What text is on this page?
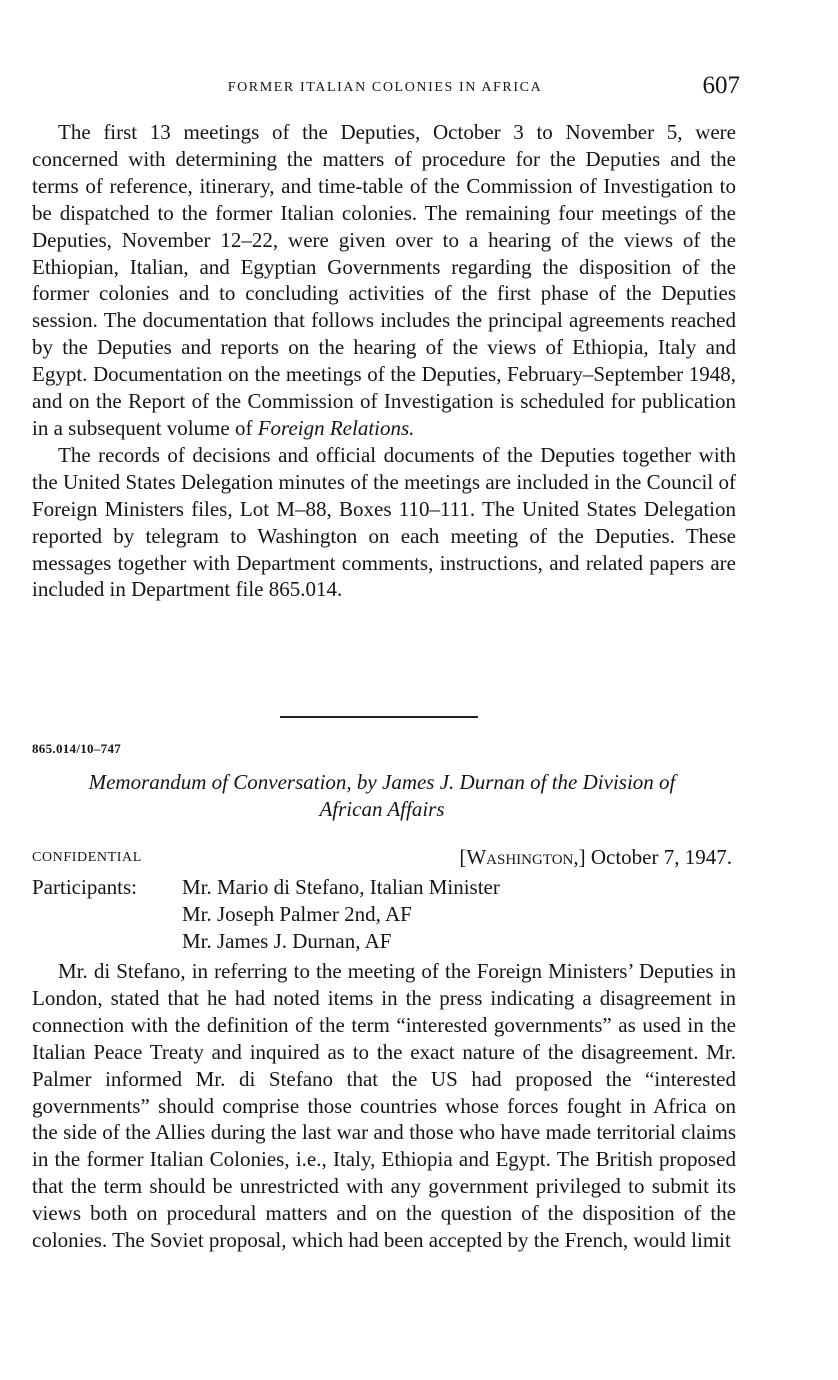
FORMER ITALIAN COLONIES IN AFRICA	607

The first 13 meetings of the Deputies, October 3 to November 5, were concerned with determining the matters of procedure for the Deputies and the terms of reference, itinerary, and time-table of the Commission of Investigation to be dispatched to the former Italian colonies. The remaining four meetings of the Deputies, November 12–22, were given over to a hearing of the views of the Ethiopian, Italian, and Egyptian Governments regarding the disposition of the former colonies and to concluding activities of the first phase of the Deputies session. The documentation that follows includes the principal agreements reached by the Deputies and reports on the hearing of the views of Ethiopia, Italy and Egypt. Documentation on the meetings of the Deputies, February–September 1948, and on the Report of the Commission of Investigation is scheduled for publication in a subsequent volume of Foreign Relations.

The records of decisions and official documents of the Deputies together with the United States Delegation minutes of the meetings are included in the Council of Foreign Ministers files, Lot M–88, Boxes 110–111. The United States Delegation reported by telegram to Washington on each meeting of the Deputies. These messages together with Department comments, instructions, and related papers are included in Department file 865.014.

865.014/10–747
Memorandum of Conversation, by James J. Durnan of the Division of
African Affairs
CONFIDENTIAL	[Washington,] October 7, 1947.
Participants: Mr. Mario di Stefano, Italian Minister
Mr. Joseph Palmer 2nd, AF
Mr. James J. Durnan, AF

Mr. di Stefano, in referring to the meeting of the Foreign Ministers’ Deputies in London, stated that he had noted items in the press indicating a disagreement in connection with the definition of the term “interested governments” as used in the Italian Peace Treaty and inquired as to the exact nature of the disagreement. Mr. Palmer informed Mr. di Stefano that the US had proposed the “interested governments” should comprise those countries whose forces fought in Africa on the side of the Allies during the last war and those who have made territorial claims in the former Italian Colonies, i.e., Italy, Ethiopia and Egypt. The British proposed that the term should be unrestricted with any government privileged to submit its views both on procedural matters and on the question of the disposition of the colonies. The Soviet proposal, which had been accepted by the French, would limit
